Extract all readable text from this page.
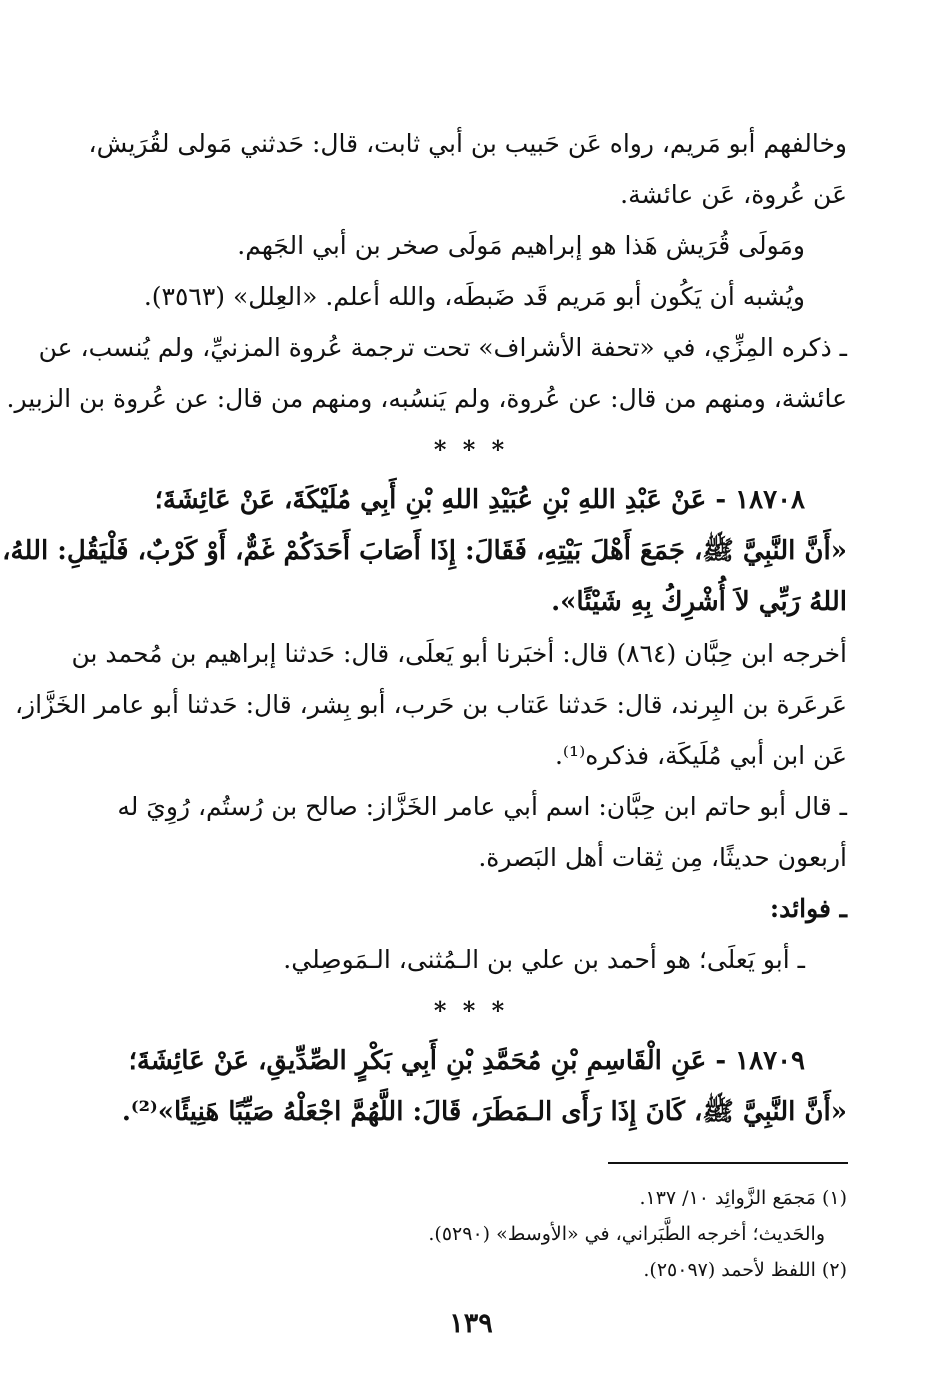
وخالفهم أبو مَريم، رواه عَن حَبيب بن أبي ثابت، قال: حَدثني مَولى لقُرَيش،
عَن عُروة، عَن عائشة.
ومَولَى قُرَيش هَذا هو إبراهيم مَولَى صخر بن أبي الجَهم.
ويُشبه أن يَكُون أبو مَريم قَد ضَبطَه، والله أعلم. «العِلل» (٣٥٦٣).
ـ ذكره المِزِّي، في «تحفة الأشراف» تحت ترجمة عُروة المزنيِّ، ولم يُنسب، عن
عائشة، ومنهم من قال: عن عُروة، ولم يَنسُبه، ومنهم من قال: عن عُروة بن الزبير.
* * *
١٨٧٠٨ - عَنْ عَبْدِ اللهِ بْنِ عُبَيْدِ اللهِ بْنِ أَبِي مُلَيْكَةَ، عَنْ عَائِشَةَ؛
«أَنَّ النَّبِيَّ ﷺ، جَمَعَ أَهْلَ بَيْتِهِ، فَقَالَ: إِذَا أَصَابَ أَحَدَكُمْ غَمٌّ، أَوْ كَرْبٌ، فَلْيَقُلِ: اللهُ،
اللهُ رَبِّي لاَ أُشْرِكُ بِهِ شَيْئًا».
أخرجه ابن حِبَّان (٨٦٤) قال: أخبَرنا أبو يَعلَى، قال: حَدثنا إبراهيم بن مُحمد بن
عَرعَرة بن البِرند، قال: حَدثنا عَتاب بن حَرب، أبو بِشر، قال: حَدثنا أبو عامر الخَزَّاز،
عَن ابن أبي مُلَيكَة، فذكره⁽¹⁾.
ـ قال أبو حاتم ابن حِبَّان: اسم أبي عامر الخَزَّاز: صالح بن رُستُم، رُوِيَ له
أربعون حديثًا، مِن ثِقات أهل البَصرة.
ـ فوائد:
ـ أبو يَعلَى؛ هو أحمد بن علي بن الـمُثنى، الـمَوصِلي.
* * *
١٨٧٠٩ - عَنِ الْقَاسِمِ بْنِ مُحَمَّدِ بْنِ أَبِي بَكْرٍ الصِّدِّيقِ، عَنْ عَائِشَةَ؛
«أَنَّ النَّبِيَّ ﷺ، كَانَ إِذَا رَأَى الـمَطَرَ، قَالَ: اللَّهُمَّ اجْعَلْهُ صَيِّبًا هَنِيئًا»⁽²⁾.
(١) مَجمَع الزَّوائِد ١٠/ ١٣٧.
والحَديث؛ أخرجه الطَّبَراني، في «الأوسط» (٥٢٩٠).
(٢) اللفظ لأحمد (٢٥٠٩٧).
١٣٩
